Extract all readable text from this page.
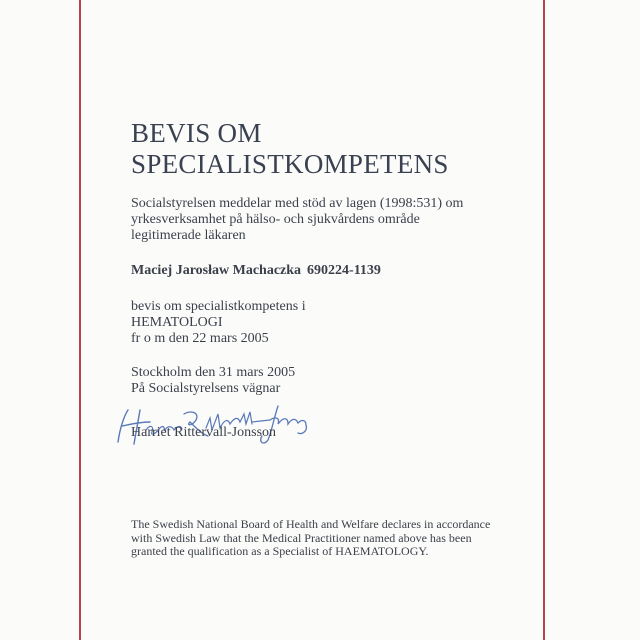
BEVIS OM
SPECIALISTKOMPETENS
Socialstyrelsen meddelar med stöd av lagen (1998:531) om
yrkesverksamhet på hälso- och sjukvårdens område
legitimerade läkaren
Maciej Jarosław Machaczka 690224-1139
bevis om specialistkompetens i
HEMATOLOGI
fr o m den 22 mars 2005
Stockholm den 31 mars 2005
På Socialstyrelsens vägnar
Harriet Rittervall-Jonsson
The Swedish National Board of Health and Welfare declares in accordance
with Swedish Law that the Medical Practitioner named above has been
granted the qualification as a Specialist of HAEMATOLOGY.
